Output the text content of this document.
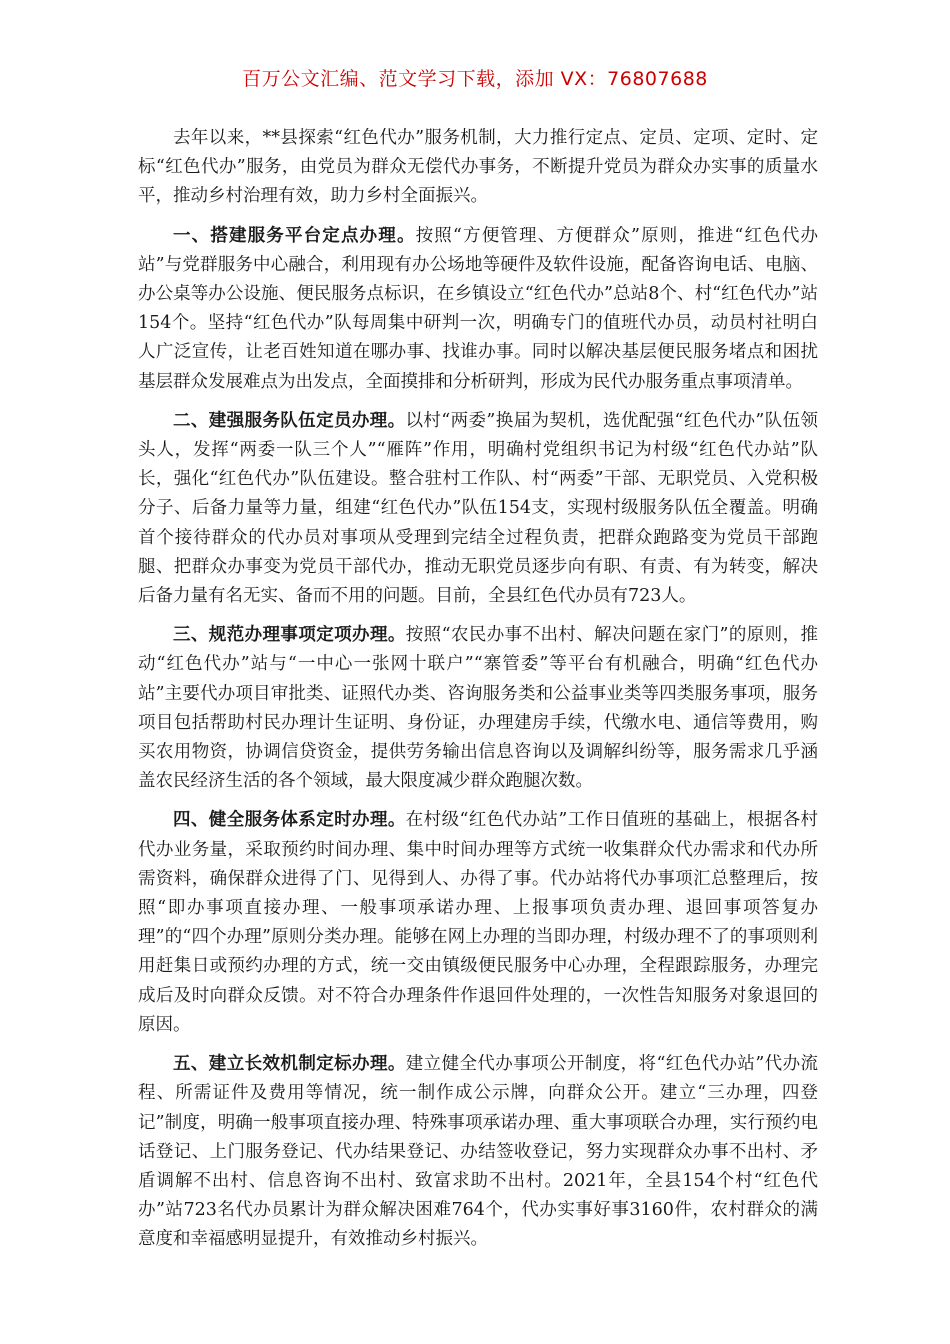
百万公文汇编、范文学习下载，添加 VX：76807688

去年以来，**县探索“红色代办”服务机制，大力推行定点、定员、定项、定时、定标“红色代办”服务，由党员为群众无偿代办事务，不断提升党员为群众办实事的质量水平，推动乡村治理有效，助力乡村全面振兴。

一、搭建服务平台定点办理。按照“方便管理、方便群众”原则，推进“红色代办站”与党群服务中心融合，利用现有办公场地等硬件及软件设施，配备咨询电话、电脑、办公桌等办公设施、便民服务点标识，在乡镇设立“红色代办”总站8个、村“红色代办”站154个。坚持“红色代办”队每周集中研判一次，明确专门的值班代办员，动员村社明白人广泛宣传，让老百姓知道在哪办事、找谁办事。同时以解决基层便民服务堵点和困扰基层群众发展难点为出发点，全面摸排和分析研判，形成为民代办服务重点事项清单。

二、建强服务队伍定员办理。以村“两委”换届为契机，选优配强“红色代办”队伍领头人，发挥“两委一队三个人”“雁阵”作用，明确村党组织书记为村级“红色代办站”队长，强化“红色代办”队伍建设。整合驻村工作队、村“两委”干部、无职党员、入党积极分子、后备力量等力量，组建“红色代办”队伍154支，实现村级服务队伍全覆盖。明确首个接待群众的代办员对事项从受理到完结全过程负责，把群众跑路变为党员干部跑腿、把群众办事变为党员干部代办，推动无职党员逐步向有职、有责、有为转变，解决后备力量有名无实、备而不用的问题。目前，全县红色代办员有723人。

三、规范办理事项定项办理。按照“农民办事不出村、解决问题在家门”的原则，推动“红色代办”站与“一中心一张网十联户”“寨管委”等平台有机融合，明确“红色代办站”主要代办项目审批类、证照代办类、咨询服务类和公益事业类等四类服务事项，服务项目包括帮助村民办理计生证明、身份证，办理建房手续，代缴水电、通信等费用，购买农用物资，协调信贷资金，提供劳务输出信息咨询以及调解纠纷等，服务需求几乎涵盖农民经济生活的各个领域，最大限度减少群众跑腿次数。

四、健全服务体系定时办理。在村级“红色代办站”工作日值班的基础上，根据各村代办业务量，采取预约时间办理、集中时间办理等方式统一收集群众代办需求和代办所需资料，确保群众进得了门、见得到人、办得了事。代办站将代办事项汇总整理后，按照“即办事项直接办理、一般事项承诺办理、上报事项负责办理、退回事项答复办理”的“四个办理”原则分类办理。能够在网上办理的当即办理，村级办理不了的事项则利用赶集日或预约办理的方式，统一交由镇级便民服务中心办理，全程跟踪服务，办理完成后及时向群众反馈。对不符合办理条件作退回件处理的，一次性告知服务对象退回的原因。

五、建立长效机制定标办理。建立健全代办事项公开制度，将“红色代办站”代办流程、所需证件及费用等情况，统一制作成公示牌，向群众公开。建立“三办理，四登记”制度，明确一般事项直接办理、特殊事项承诺办理、重大事项联合办理，实行预约电话登记、上门服务登记、代办结果登记、办结签收登记，努力实现群众办事不出村、矛盾调解不出村、信息咨询不出村、致富求助不出村。2021年，全县154个村“红色代办”站723名代办员累计为群众解决困难764个，代办实事好事3160件，农村群众的满意度和幸福感明显提升，有效推动乡村振兴。
